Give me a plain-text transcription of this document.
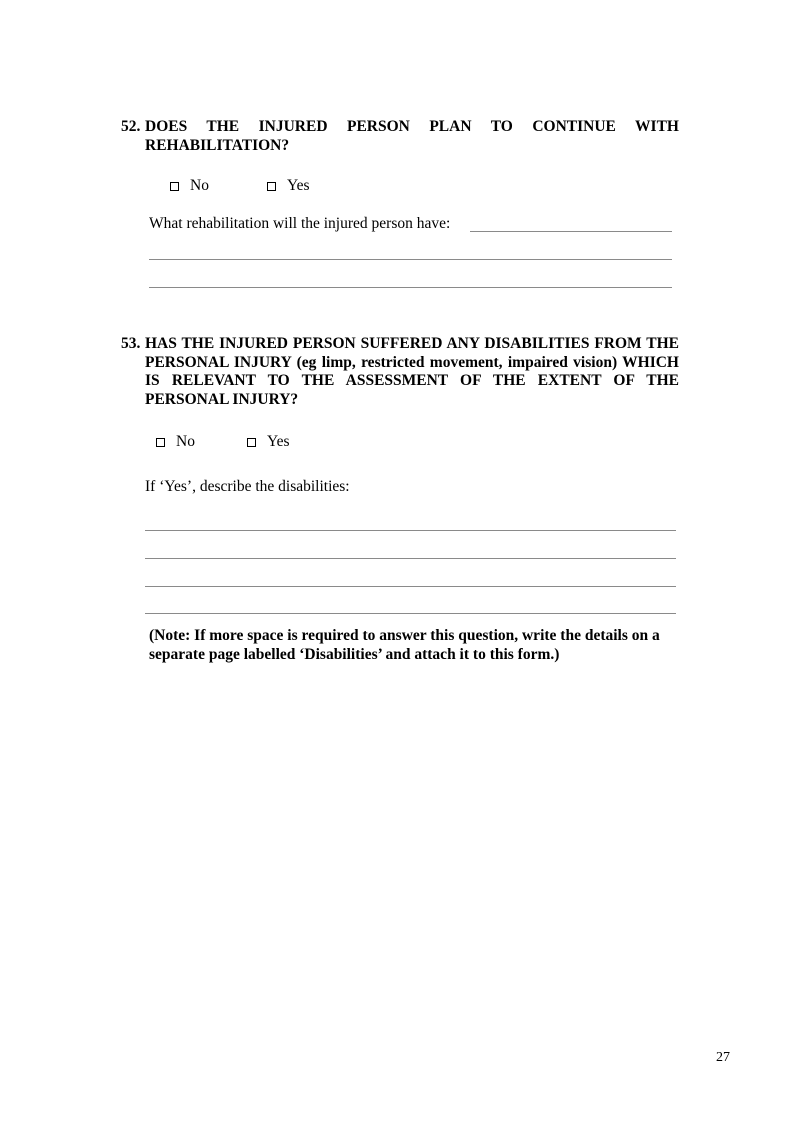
52. DOES THE INJURED PERSON PLAN TO CONTINUE WITH REHABILITATION?
No	Yes
What rehabilitation will the injured person have:
53. HAS THE INJURED PERSON SUFFERED ANY DISABILITIES FROM THE PERSONAL INJURY (eg limp, restricted movement, impaired vision) WHICH IS RELEVANT TO THE ASSESSMENT OF THE EXTENT OF THE PERSONAL INJURY?
No	Yes
If ‘Yes’, describe the disabilities:
(Note: If more space is required to answer this question, write the details on a separate page labelled ‘Disabilities’ and attach it to this form.)
27
